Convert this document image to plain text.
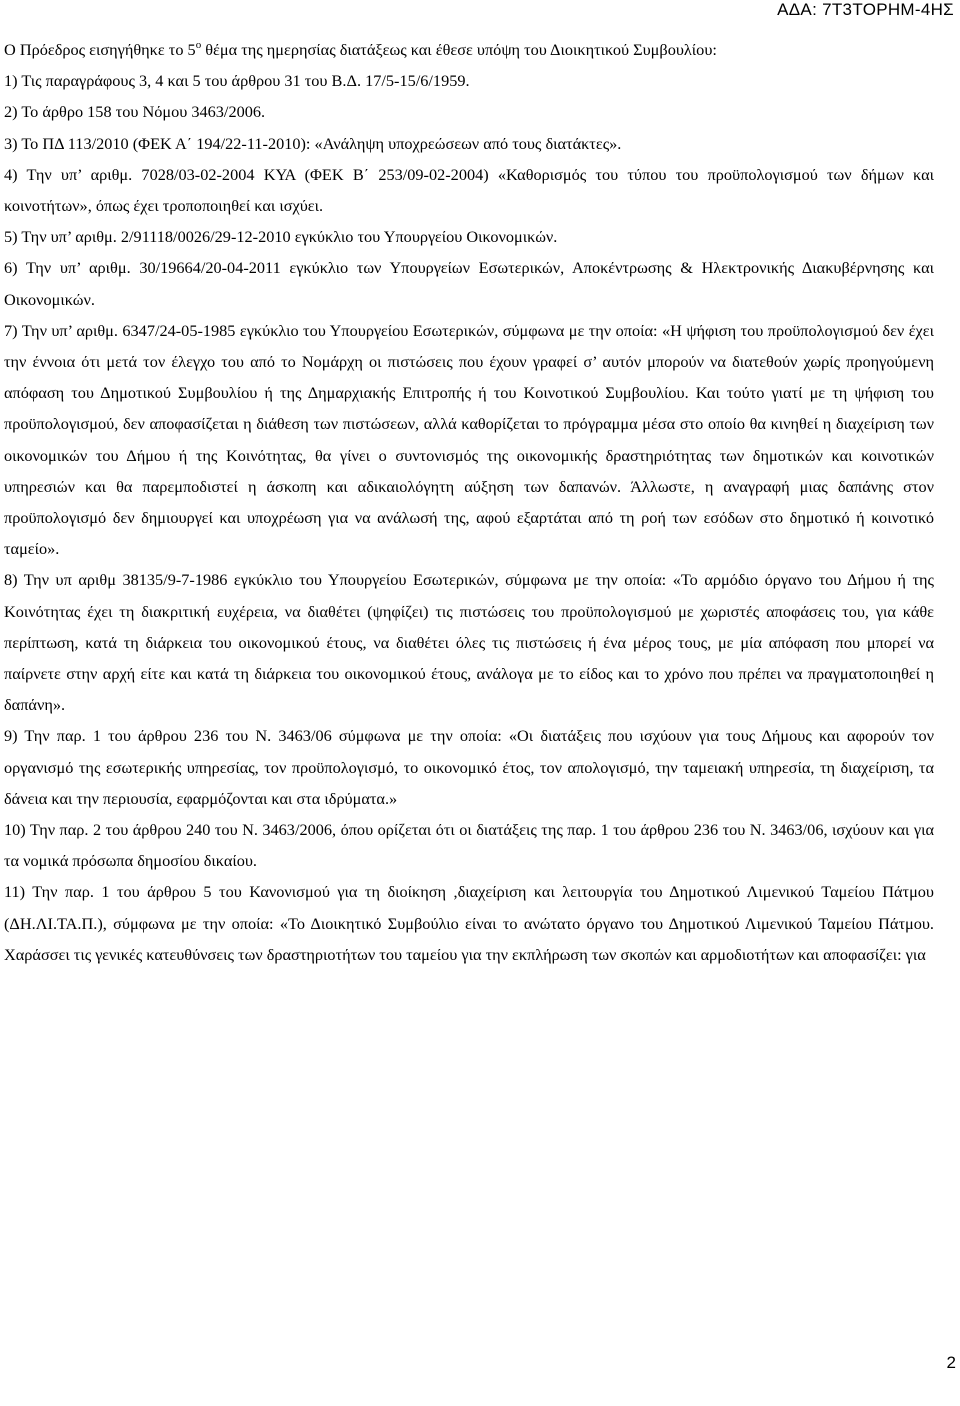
ΑΔΑ: 7Τ3ΤΟΡΗΜ-4ΗΣ

Ο Πρόεδρος εισηγήθηκε το $5^o$ θέμα της ημερησίας διατάξεως και έθεσε υπόψη του Διοικητικού Συμβουλίου:

1) Τις παραγράφους 3, 4 και 5 του άρθρου 31 του Β.Δ. 17/5-15/6/1959.

2) Το άρθρο 158 του Νόμου 3463/2006.

3) Το ΠΔ 113/2010 (ΦΕΚ Α΄ 194/22-11-2010): «Ανάληψη υποχρεώσεων από τους διατάκτες».

4) Την υπ’ αριθμ. 7028/03-02-2004 ΚΥΑ (ΦΕΚ Β΄ 253/09-02-2004) «Καθορισμός του τύπου του προϋπολογισμού των δήμων και κοινοτήτων», όπως έχει τροποποιηθεί και ισχύει.

5) Την υπ’ αριθμ. 2/91118/0026/29-12-2010 εγκύκλιο του Υπουργείου Οικονομικών.

6) Την υπ’ αριθμ. 30/19664/20-04-2011 εγκύκλιο των Υπουργείων Εσωτερικών, Αποκέντρωσης & Ηλεκτρονικής Διακυβέρνησης και Οικονομικών.

7) Την υπ’ αριθμ. 6347/24-05-1985 εγκύκλιο του Υπουργείου Εσωτερικών, σύμφωνα με την οποία: «Η ψήφιση του προϋπολογισμού δεν έχει την έννοια ότι μετά τον έλεγχο του από το Νομάρχη οι πιστώσεις που έχουν γραφεί σ’ αυτόν μπορούν να διατεθούν χωρίς προηγούμενη απόφαση του Δημοτικού Συμβουλίου ή της Δημαρχιακής Επιτροπής ή του Κοινοτικού Συμβουλίου. Και τούτο γιατί με τη ψήφιση του προϋπολογισμού, δεν αποφασίζεται η διάθεση των πιστώσεων, αλλά καθορίζεται το πρόγραμμα μέσα στο οποίο θα κινηθεί η διαχείριση των οικονομικών του Δήμου ή της Κοινότητας, θα γίνει ο συντονισμός της οικονομικής δραστηριότητας των δημοτικών και κοινοτικών υπηρεσιών και θα παρεμποδιστεί η άσκοπη και αδικαιολόγητη αύξηση των δαπανών. Άλλωστε, η αναγραφή μιας δαπάνης στον προϋπολογισμό δεν δημιουργεί και υποχρέωση για να ανάλωσή της, αφού εξαρτάται από τη ροή των εσόδων στο δημοτικό ή κοινοτικό ταμείο».

8) Την υπ αριθμ 38135/9-7-1986 εγκύκλιο του Υπουργείου Εσωτερικών, σύμφωνα με την οποία: «Το αρμόδιο όργανο του Δήμου ή της Κοινότητας έχει τη διακριτική ευχέρεια, να διαθέτει (ψηφίζει) τις πιστώσεις του προϋπολογισμού με χωριστές αποφάσεις του, για κάθε περίπτωση, κατά τη διάρκεια του οικονομικού έτους, να διαθέτει όλες τις πιστώσεις ή ένα μέρος τους, με μία απόφαση που μπορεί να παίρνετε στην αρχή είτε και κατά τη διάρκεια του οικονομικού έτους, ανάλογα με το είδος και το χρόνο που πρέπει να πραγματοποιηθεί η δαπάνη».

9) Την παρ. 1 του άρθρου 236 του Ν. 3463/06 σύμφωνα με την οποία: «Οι διατάξεις που ισχύουν για τους Δήμους και αφορούν τον οργανισμό της εσωτερικής υπηρεσίας, τον προϋπολογισμό, το οικονομικό έτος, τον απολογισμό, την ταμειακή υπηρεσία, τη διαχείριση, τα δάνεια και την περιουσία, εφαρμόζονται και στα ιδρύματα.»

10) Την παρ. 2 του άρθρου 240 του Ν. 3463/2006, όπου ορίζεται ότι οι διατάξεις της παρ. 1 του άρθρου 236 του Ν. 3463/06, ισχύουν και για τα νομικά πρόσωπα δημοσίου δικαίου.

11) Την παρ. 1 του άρθρου 5 του Κανονισμού για τη διοίκηση ,διαχείριση και λειτουργία του Δημοτικού Λιμενικού Ταμείου Πάτμου (ΔΗ.ΛΙ.ΤΑ.Π.), σύμφωνα με την οποία: «Το Διοικητικό Συμβούλιο είναι το ανώτατο όργανο του Δημοτικού Λιμενικού Ταμείου Πάτμου. Χαράσσει τις γενικές κατευθύνσεις των δραστηριοτήτων του ταμείου για την εκπλήρωση των σκοπών και αρμοδιοτήτων και αποφασίζει: για

2
